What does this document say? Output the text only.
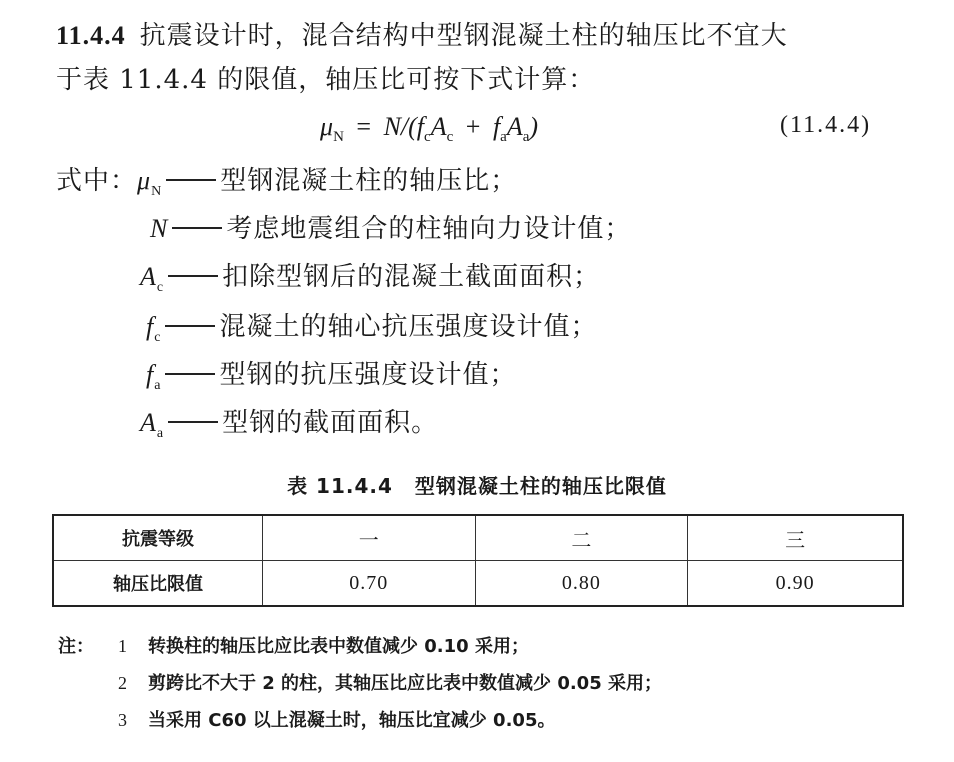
11.4.4 抗震设计时，混合结构中型钢混凝土柱的轴压比不宜大
于表 11.4.4 的限值，轴压比可按下式计算：
$\mu_N = N/(f_cA_c + f_aA_a)$	(11.4.4)
式中：$\mu_N$ 型钢混凝土柱的轴压比；
N 考虑地震组合的柱轴向力设计值；
$A_c$ 扣除型钢后的混凝土截面面积；
$f_c$ 混凝土的轴心抗压强度设计值；
$f_a$ 型钢的抗压强度设计值；
$A_a$ 型钢的截面面积。
表 11.4.4 型钢混凝土柱的轴压比限值
抗震等级	一	二	三
轴压比限值	0.70	0.80	0.90
注： 1 转换柱的轴压比应比表中数值减少 0.10 采用；
2 剪跨比不大于 2 的柱，其轴压比应比表中数值减少 0.05 采用；
3 当采用 C60 以上混凝土时，轴压比宜减少 0.05。
